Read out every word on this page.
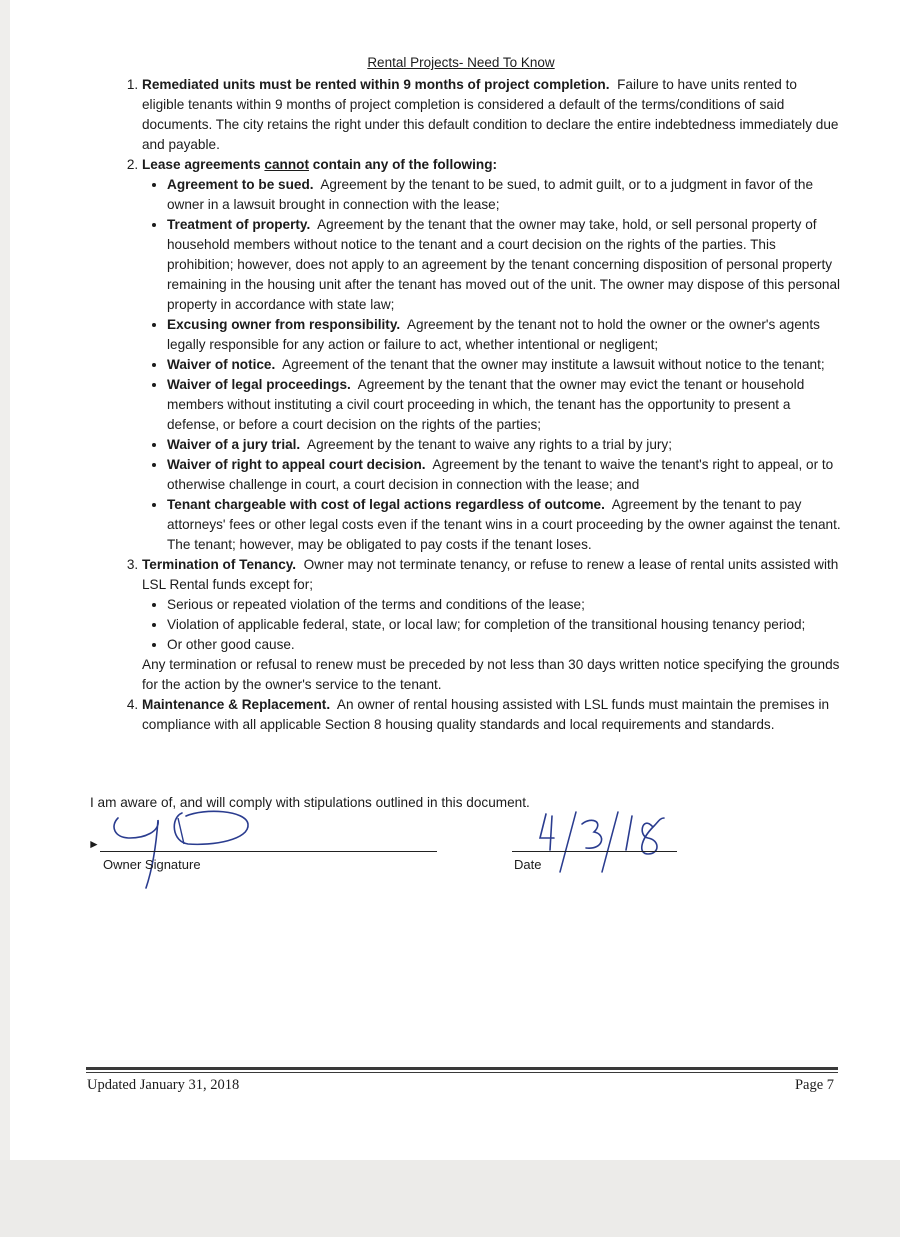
Rental Projects- Need To Know
1. Remediated units must be rented within 9 months of project completion. Failure to have units rented to eligible tenants within 9 months of project completion is considered a default of the terms/conditions of said documents. The city retains the right under this default condition to declare the entire indebtedness immediately due and payable.
2. Lease agreements cannot contain any of the following:
• Agreement to be sued. Agreement by the tenant to be sued, to admit guilt, or to a judgment in favor of the owner in a lawsuit brought in connection with the lease;
• Treatment of property. Agreement by the tenant that the owner may take, hold, or sell personal property of household members without notice to the tenant and a court decision on the rights of the parties. This prohibition; however, does not apply to an agreement by the tenant concerning disposition of personal property remaining in the housing unit after the tenant has moved out of the unit. The owner may dispose of this personal property in accordance with state law;
• Excusing owner from responsibility. Agreement by the tenant not to hold the owner or the owner's agents legally responsible for any action or failure to act, whether intentional or negligent;
• Waiver of notice. Agreement of the tenant that the owner may institute a lawsuit without notice to the tenant;
• Waiver of legal proceedings. Agreement by the tenant that the owner may evict the tenant or household members without instituting a civil court proceeding in which, the tenant has the opportunity to present a defense, or before a court decision on the rights of the parties;
• Waiver of a jury trial. Agreement by the tenant to waive any rights to a trial by jury;
• Waiver of right to appeal court decision. Agreement by the tenant to waive the tenant's right to appeal, or to otherwise challenge in court, a court decision in connection with the lease; and
• Tenant chargeable with cost of legal actions regardless of outcome. Agreement by the tenant to pay attorneys' fees or other legal costs even if the tenant wins in a court proceeding by the owner against the tenant. The tenant; however, may be obligated to pay costs if the tenant loses.
3. Termination of Tenancy. Owner may not terminate tenancy, or refuse to renew a lease of rental units assisted with LSL Rental funds except for;
• Serious or repeated violation of the terms and conditions of the lease;
• Violation of applicable federal, state, or local law; for completion of the transitional housing tenancy period;
• Or other good cause.

Any termination or refusal to renew must be preceded by not less than 30 days written notice specifying the grounds for the action by the owner's service to the tenant.

4. Maintenance & Replacement. An owner of rental housing assisted with LSL funds must maintain the premises in compliance with all applicable Section 8 housing quality standards and local requirements and standards.
I am aware of, and will comply with stipulations outlined in this document.
►
Owner Signature	Date
Updated January 31, 2018	Page 7
